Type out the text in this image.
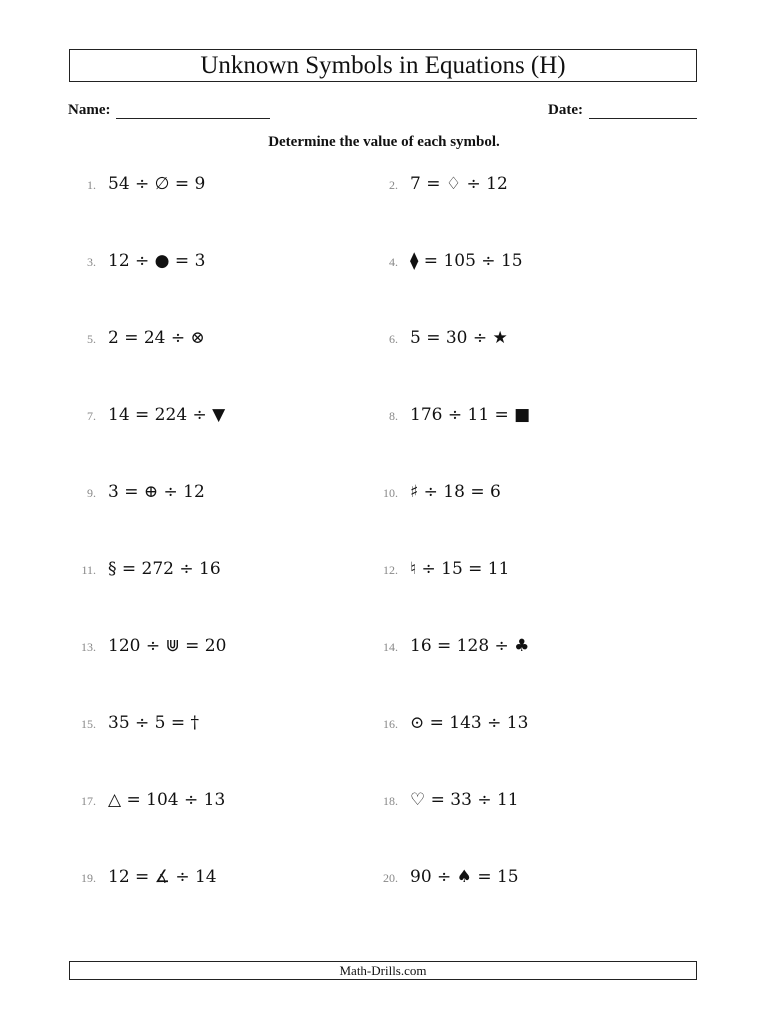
Unknown Symbols in Equations (H)
Name:	Date:
Determine the value of each symbol.
1. 54 ÷ ∅ = 9	2. 7 = ♢ ÷ 12
3. 12 ÷ ● = 3	4. ⧫ = 105 ÷ 15
5. 2 = 24 ÷ ⊗	6. 5 = 30 ÷ ★
7. 14 = 224 ÷ ▼	8. 176 ÷ 11 = ■
9. 3 = ⊕ ÷ 12	10. ♯ ÷ 18 = 6
11. § = 272 ÷ 16	12. ♮ ÷ 15 = 11
13. 120 ÷ ⋓ = 20	14. 16 = 128 ÷ ♣
15. 35 ÷ 5 = †	16. ⊙ = 143 ÷ 13
17. △ = 104 ÷ 13	18. ♡ = 33 ÷ 11
19. 12 = ∡ ÷ 14	20. 90 ÷ ♠ = 15
Math-Drills.com
